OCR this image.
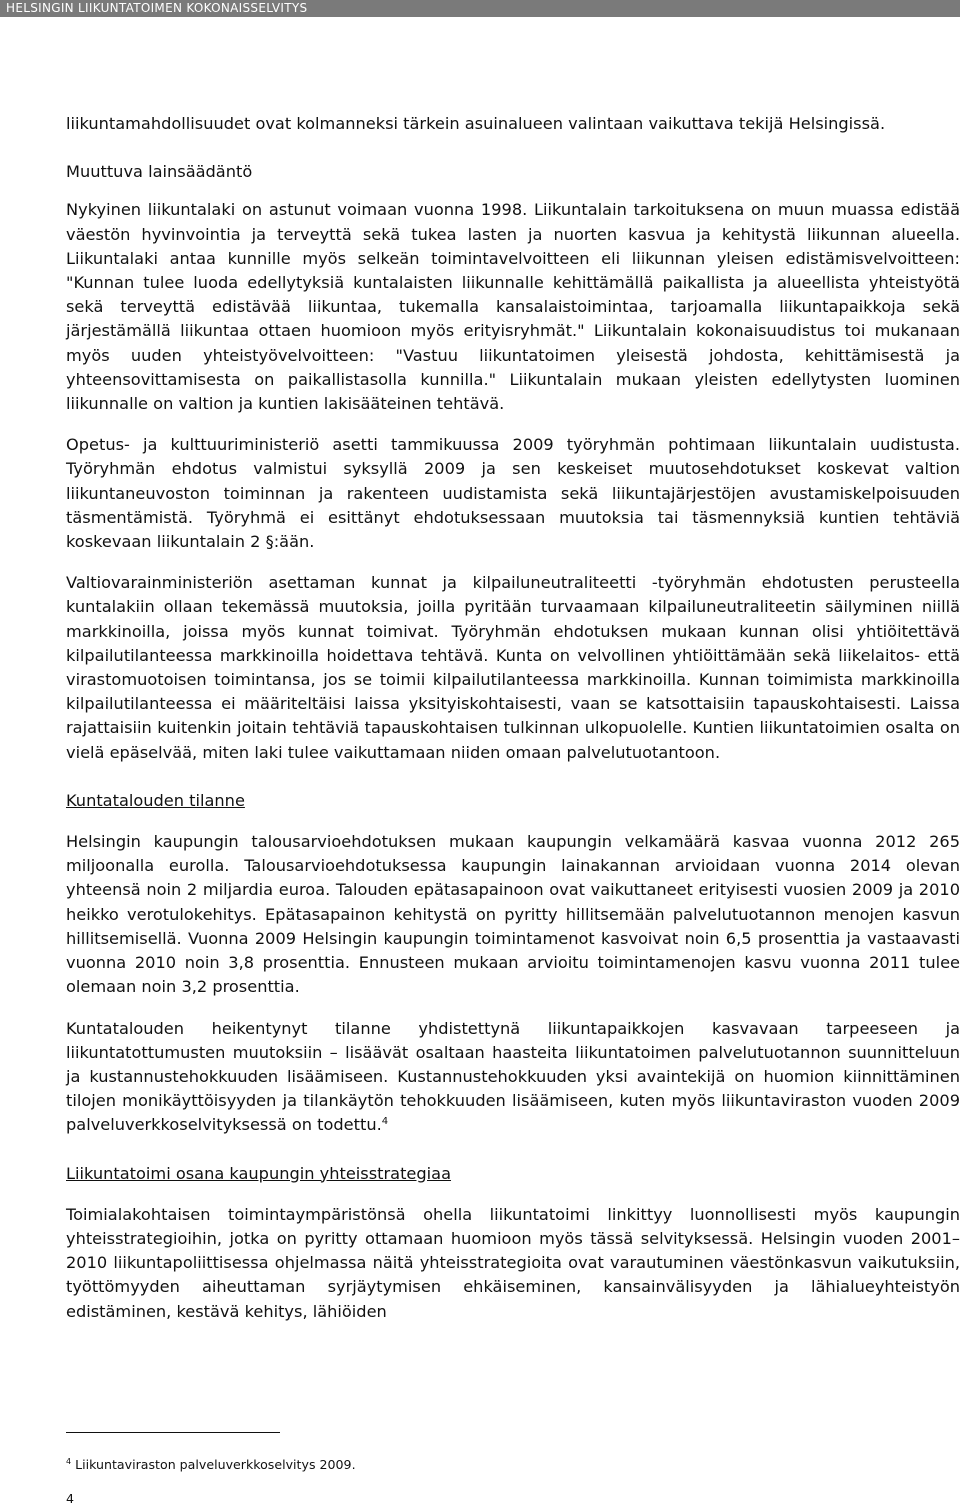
HELSINGIN LIIKUNTATOIMEN KOKONAISSELVITYS

liikuntamahdollisuudet ovat kolmanneksi tärkein asuinalueen valintaan vaikuttava tekijä Helsingissä.

Muuttuva lainsäädäntö

Nykyinen liikuntalaki on astunut voimaan vuonna 1998. Liikuntalain tarkoituksena on muun muassa edistää väestön hyvinvointia ja terveyttä sekä tukea lasten ja nuorten kasvua ja kehitystä liikunnan alueella. Liikuntalaki antaa kunnille myös selkeän toimintavelvoitteen eli liikunnan yleisen edistämisvelvoitteen: "Kunnan tulee luoda edellytyksiä kuntalaisten liikunnalle kehittämällä paikallista ja alueellista yhteistyötä sekä terveyttä edistävää liikuntaa, tukemalla kansalaistoimintaa, tarjoamalla liikuntapaikkoja sekä järjestämällä liikuntaa ottaen huomioon myös erityisryhmät." Liikuntalain kokonaisuudistus toi mukanaan myös uuden yhteistyövelvoitteen: "Vastuu liikuntatoimen yleisestä johdosta, kehittämisestä ja yhteensovittamisesta on paikallistasolla kunnilla." Liikuntalain mukaan yleisten edellytysten luominen liikunnalle on valtion ja kuntien lakisääteinen tehtävä.

Opetus- ja kulttuuriministeriö asetti tammikuussa 2009 työryhmän pohtimaan liikuntalain uudistusta. Työryhmän ehdotus valmistui syksyllä 2009 ja sen keskeiset muutosehdotukset koskevat valtion liikuntaneuvoston toiminnan ja rakenteen uudistamista sekä liikuntajärjestöjen avustamiskelpoisuuden täsmentämistä. Työryhmä ei esittänyt ehdotuksessaan muutoksia tai täsmennyksiä kuntien tehtäviä koskevaan liikuntalain 2 §:ään.

Valtiovarainministeriön asettaman kunnat ja kilpailuneutraliteetti -työryhmän ehdotusten perusteella kuntalakiin ollaan tekemässä muutoksia, joilla pyritään turvaamaan kilpailuneutraliteetin säilyminen niillä markkinoilla, joissa myös kunnat toimivat. Työryhmän ehdotuksen mukaan kunnan olisi yhtiöitettävä kilpailutilanteessa markkinoilla hoidettava tehtävä. Kunta on velvollinen yhtiöittämään sekä liikelaitos- että virastomuotoisen toimintansa, jos se toimii kilpailutilanteessa markkinoilla. Kunnan toimimista markkinoilla kilpailutilanteessa ei määriteltäisi laissa yksityiskohtaisesti, vaan se katsottaisiin tapauskohtaisesti. Laissa rajattaisiin kuitenkin joitain tehtäviä tapauskohtaisen tulkinnan ulkopuolelle. Kuntien liikuntatoimien osalta on vielä epäselvää, miten laki tulee vaikuttamaan niiden omaan palvelutuotantoon.

Kuntatalouden tilanne

Helsingin kaupungin talousarvioehdotuksen mukaan kaupungin velkamäärä kasvaa vuonna 2012 265 miljoonalla eurolla. Talousarvioehdotuksessa kaupungin lainakannan arvioidaan vuonna 2014 olevan yhteensä noin 2 miljardia euroa. Talouden epätasapainoon ovat vaikuttaneet erityisesti vuosien 2009 ja 2010 heikko verotulokehitys. Epätasapainon kehitystä on pyritty hillitsemään palvelutuotannon menojen kasvun hillitsemisellä. Vuonna 2009 Helsingin kaupungin toimintamenot kasvoivat noin 6,5 prosenttia ja vastaavasti vuonna 2010 noin 3,8 prosenttia. Ennusteen mukaan arvioitu toimintamenojen kasvu vuonna 2011 tulee olemaan noin 3,2 prosenttia.

Kuntatalouden heikentynyt tilanne yhdistettynä liikuntapaikkojen kasvavaan tarpeeseen ja liikuntatottumusten muutoksiin – lisäävät osaltaan haasteita liikuntatoimen palvelutuotannon suunnitteluun ja kustannustehokkuuden lisäämiseen. Kustannustehokkuuden yksi avaintekijä on huomion kiinnittäminen tilojen monikäyttöisyyden ja tilankäytön tehokkuuden lisäämiseen, kuten myös liikuntaviraston vuoden 2009 palveluverkkoselvityksessä on todettu.$^4$

Liikuntatoimi osana kaupungin yhteisstrategiaa

Toimialakohtaisen toimintaympäristönsä ohella liikuntatoimi linkittyy luonnollisesti myös kaupungin yhteisstrategioihin, jotka on pyritty ottamaan huomioon myös tässä selvityksessä. Helsingin vuoden 2001–2010 liikuntapoliittisessa ohjelmassa näitä yhteisstrategioita ovat varautuminen väestönkasvun vaikutuksiin, työttömyyden aiheuttaman syrjäytymisen ehkäiseminen, kansainvälisyyden ja lähialueyhteistyön edistäminen, kestävä kehitys, lähiöiden

$^4$ Liikuntaviraston palveluverkkoselvitys 2009.
4
